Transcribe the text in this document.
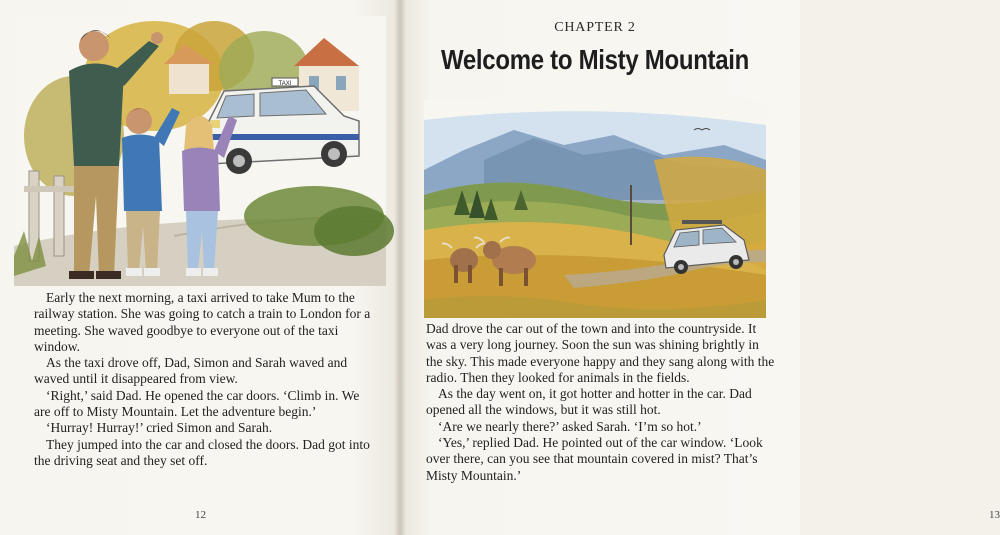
TAXI

Early the next morning, a taxi arrived to take Mum to the railway station. She was going to catch a train to London for a meeting. She waved goodbye to everyone out of the taxi window.

As the taxi drove off, Dad, Simon and Sarah waved and waved until it disappeared from view.

‘Right,’ said Dad. He opened the car doors. ‘Climb in. We are off to Misty Mountain. Let the adventure begin.’

‘Hurray! Hurray!’ cried Simon and Sarah.

They jumped into the car and closed the doors. Dad got into the driving seat and they set off.

12	13
CHAPTER 2
Welcome to Misty Mountain

Dad drove the car out of the town and into the countryside. It was a very long journey. Soon the sun was shining brightly in the sky. This made everyone happy and they sang along with the radio. Then they looked for animals in the fields.

As the day went on, it got hotter and hotter in the car. Dad opened all the windows, but it was still hot.

‘Are we nearly there?’ asked Sarah. ‘I’m so hot.’

‘Yes,’ replied Dad. He pointed out of the car window. ‘Look over there, can you see that mountain covered in mist? That’s Misty Mountain.’
